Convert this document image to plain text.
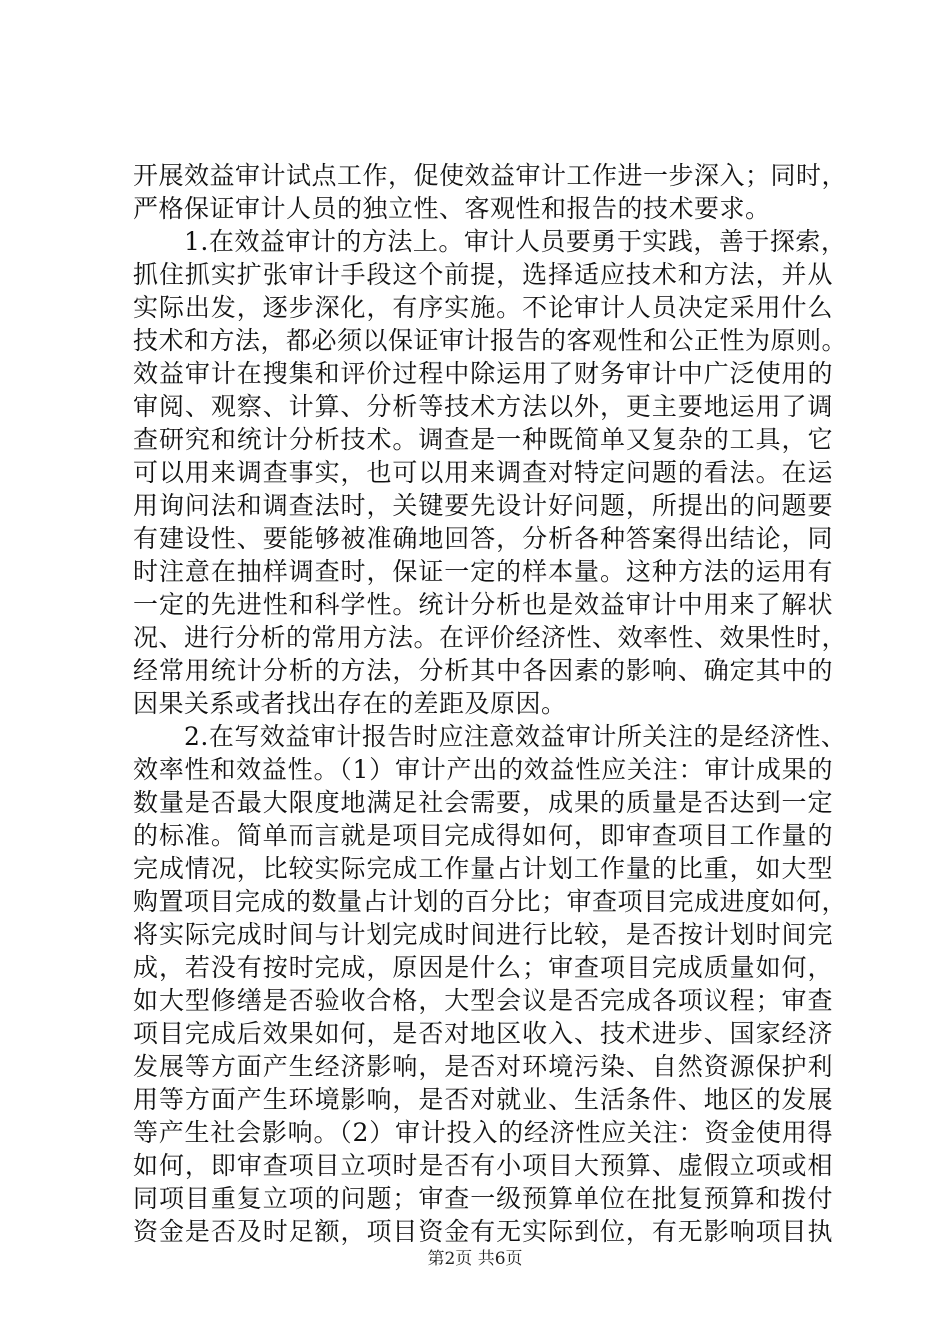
开展效益审计试点工作，促使效益审计工作进一步深入；同时，
严格保证审计人员的独立性、客观性和报告的技术要求。
　　1.在效益审计的方法上。审计人员要勇于实践，善于探索，
抓住抓实扩张审计手段这个前提，选择适应技术和方法，并从
实际出发，逐步深化，有序实施。不论审计人员决定采用什么
技术和方法，都必须以保证审计报告的客观性和公正性为原则。
效益审计在搜集和评价过程中除运用了财务审计中广泛使用的
审阅、观察、计算、分析等技术方法以外，更主要地运用了调
查研究和统计分析技术。调查是一种既简单又复杂的工具，它
可以用来调查事实，也可以用来调查对特定问题的看法。在运
用询问法和调查法时，关键要先设计好问题，所提出的问题要
有建设性、要能够被准确地回答，分析各种答案得出结论，同
时注意在抽样调查时，保证一定的样本量。这种方法的运用有
一定的先进性和科学性。统计分析也是效益审计中用来了解状
况、进行分析的常用方法。在评价经济性、效率性、效果性时，
经常用统计分析的方法，分析其中各因素的影响、确定其中的
因果关系或者找出存在的差距及原因。
　　2.在写效益审计报告时应注意效益审计所关注的是经济性、
效率性和效益性。（1）审计产出的效益性应关注：审计成果的
数量是否最大限度地满足社会需要，成果的质量是否达到一定
的标准。简单而言就是项目完成得如何，即审查项目工作量的
完成情况，比较实际完成工作量占计划工作量的比重，如大型
购置项目完成的数量占计划的百分比；审查项目完成进度如何，
将实际完成时间与计划完成时间进行比较，是否按计划时间完
成，若没有按时完成，原因是什么；审查项目完成质量如何，
如大型修缮是否验收合格，大型会议是否完成各项议程；审查
项目完成后效果如何，是否对地区收入、技术进步、国家经济
发展等方面产生经济影响，是否对环境污染、自然资源保护利
用等方面产生环境影响，是否对就业、生活条件、地区的发展
等产生社会影响。（2）审计投入的经济性应关注：资金使用得
如何，即审查项目立项时是否有小项目大预算、虚假立项或相
同项目重复立项的问题；审查一级预算单位在批复预算和拨付
资金是否及时足额，项目资金有无实际到位，有无影响项目执
第2页 共6页
